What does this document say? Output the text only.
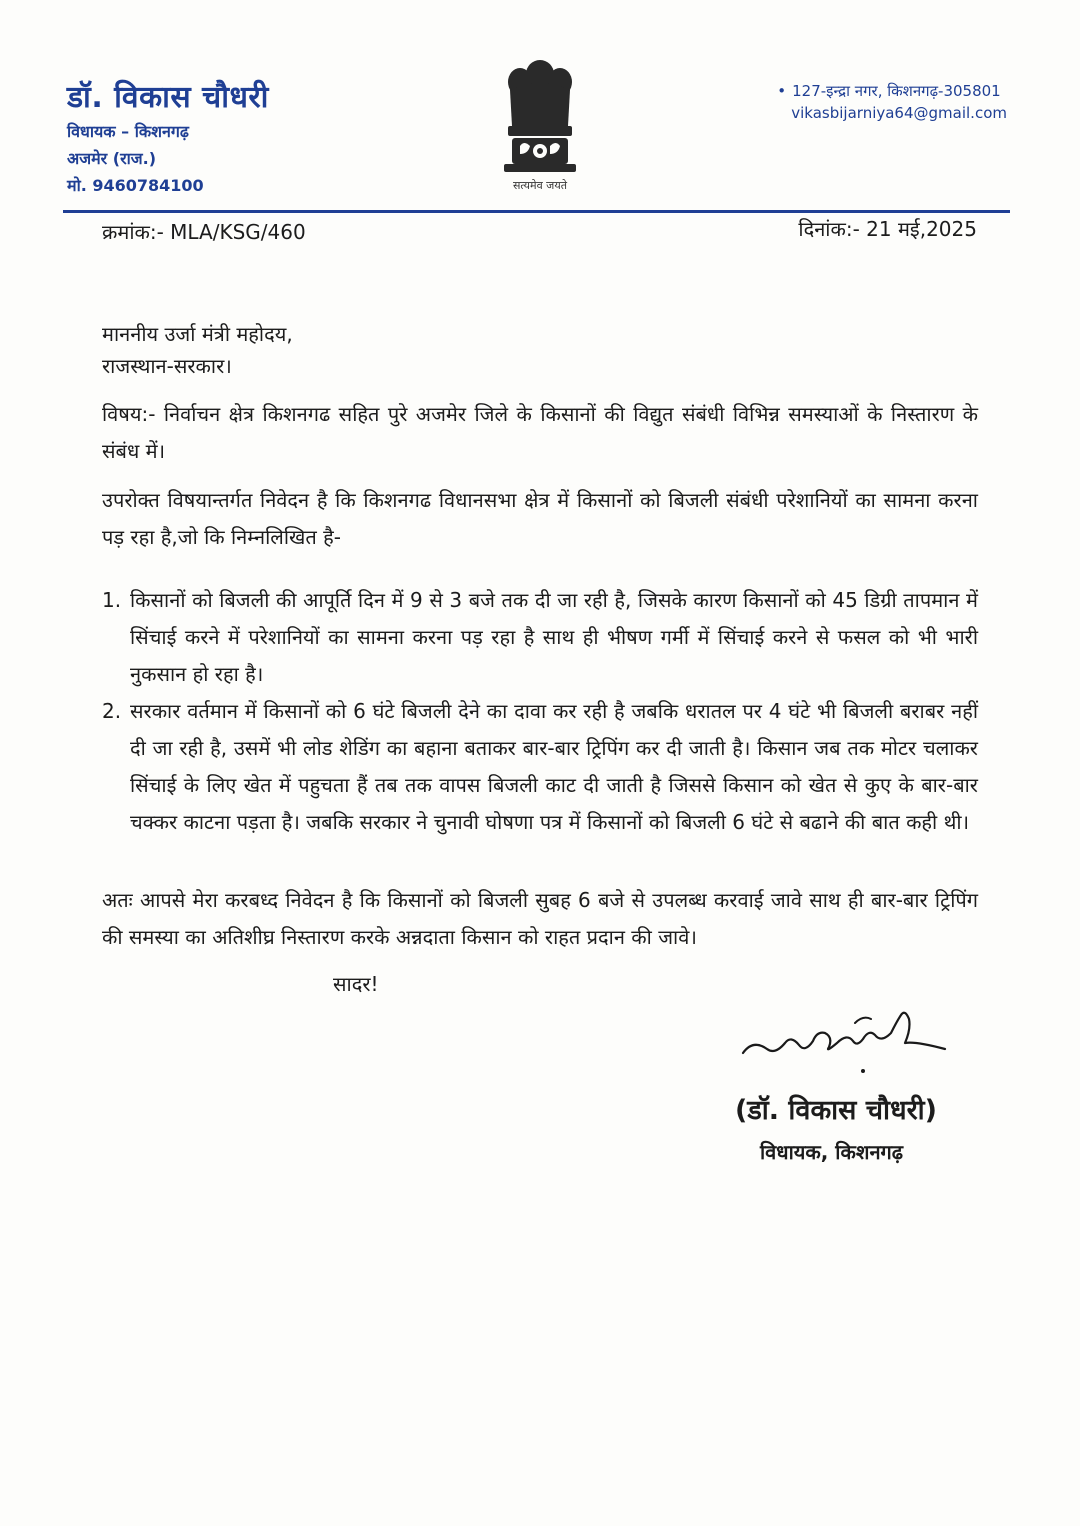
डॉ. विकास चौधरी
विधायक – किशनगढ़
अजमेर (राज.)
मो. 9460784100	सत्यमेव जयते
• 127-इन्द्रा नगर, किशनगढ़-305801
vikasbijarniya64@gmail.com
क्रमांक:- MLA/KSG/460	दिनांक:- 21 मई,2025
माननीय उर्जा मंत्री महोदय,
राजस्थान-सरकार।
विषय:- निर्वाचन क्षेत्र किशनगढ सहित पुरे अजमेर जिले के किसानों की विद्युत संबंधी विभिन्न समस्याओं के निस्तारण के संबंध में।
उपरोक्त विषयान्तर्गत निवेदन है कि किशनगढ विधानसभा क्षेत्र में किसानों को बिजली संबंधी परेशानियों का सामना करना पड़ रहा है,जो कि निम्नलिखित है-
1. किसानों को बिजली की आपूर्ति दिन में 9 से 3 बजे तक दी जा रही है, जिसके कारण किसानों को 45 डिग्री तापमान में सिंचाई करने में परेशानियों का सामना करना पड़ रहा है साथ ही भीषण गर्मी में सिंचाई करने से फसल को भी भारी नुकसान हो रहा है।
2. सरकार वर्तमान में किसानों को 6 घंटे बिजली देने का दावा कर रही है जबकि धरातल पर 4 घंटे भी बिजली बराबर नहीं दी जा रही है, उसमें भी लोड शेडिंग का बहाना बताकर बार-बार ट्रिपिंग कर दी जाती है। किसान जब तक मोटर चलाकर सिंचाई के लिए खेत में पहुचता हैं तब तक वापस बिजली काट दी जाती है जिससे किसान को खेत से कुए के बार-बार चक्कर काटना पड़ता है। जबकि सरकार ने चुनावी घोषणा पत्र में किसानों को बिजली 6 घंटे से बढाने की बात कही थी।
अतः आपसे मेरा करबध्द निवेदन है कि किसानों को बिजली सुबह 6 बजे से उपलब्ध करवाई जावे साथ ही बार-बार ट्रिपिंग की समस्या का अतिशीघ्र निस्तारण करके अन्नदाता किसान को राहत प्रदान की जावे।
सादर!
(डॉ. विकास चौधरी)
विधायक, किशनगढ़
